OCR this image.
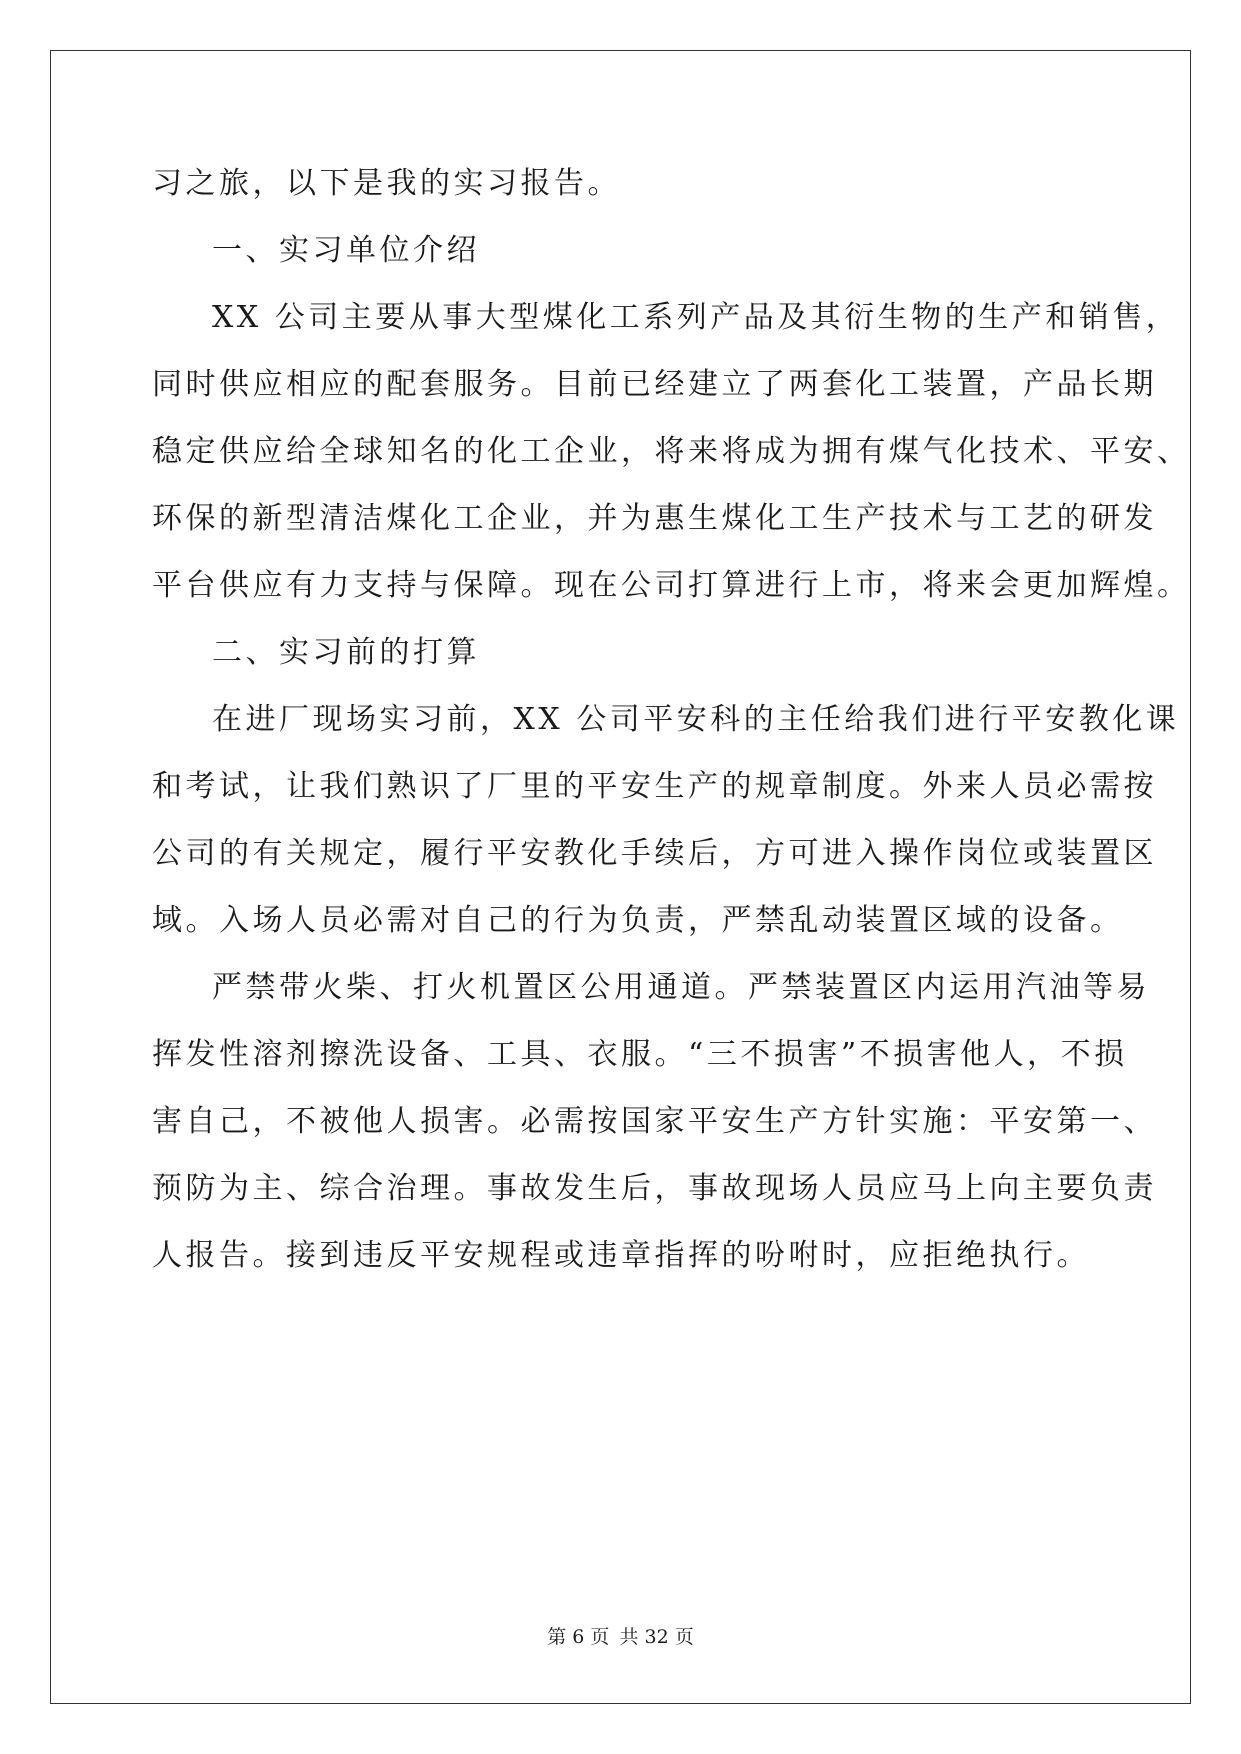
习之旅，以下是我的实习报告。
一、实习单位介绍
XX 公司主要从事大型煤化工系列产品及其衍生物的生产和销售，
同时供应相应的配套服务。目前已经建立了两套化工装置，产品长期
稳定供应给全球知名的化工企业，将来将成为拥有煤气化技术、平安、
环保的新型清洁煤化工企业，并为惠生煤化工生产技术与工艺的研发
平台供应有力支持与保障。现在公司打算进行上市，将来会更加辉煌。
二、实习前的打算
在进厂现场实习前，XX 公司平安科的主任给我们进行平安教化课
和考试，让我们熟识了厂里的平安生产的规章制度。外来人员必需按
公司的有关规定，履行平安教化手续后，方可进入操作岗位或装置区
域。入场人员必需对自己的行为负责，严禁乱动装置区域的设备。
严禁带火柴、打火机置区公用通道。严禁装置区内运用汽油等易
挥发性溶剂擦洗设备、工具、衣服。“三不损害”不损害他人，不损
害自己，不被他人损害。必需按国家平安生产方针实施：平安第一、
预防为主、综合治理。事故发生后，事故现场人员应马上向主要负责
人报告。接到违反平安规程或违章指挥的吩咐时，应拒绝执行。
第 6 页 共 32 页
